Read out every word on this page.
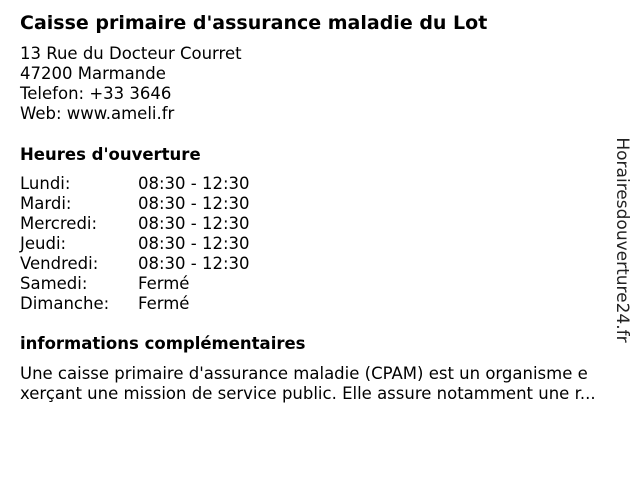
Caisse primaire d'assurance maladie du Lot
13 Rue du Docteur Courret
47200 Marmande
Telefon: +33 3646
Web: www.ameli.fr
Heures d'ouverture
Lundi:	08:30 - 12:30
Mardi:	08:30 - 12:30
Mercredi:	08:30 - 12:30
Jeudi:	08:30 - 12:30
Vendredi:	08:30 - 12:30
Samedi:	Fermé
Dimanche:	Fermé
informations complémentaires
Une caisse primaire d'assurance maladie (CPAM) est un organisme e
xerçant une mission de service public. Elle assure notamment une r...
Horairesdouverture24.fr
